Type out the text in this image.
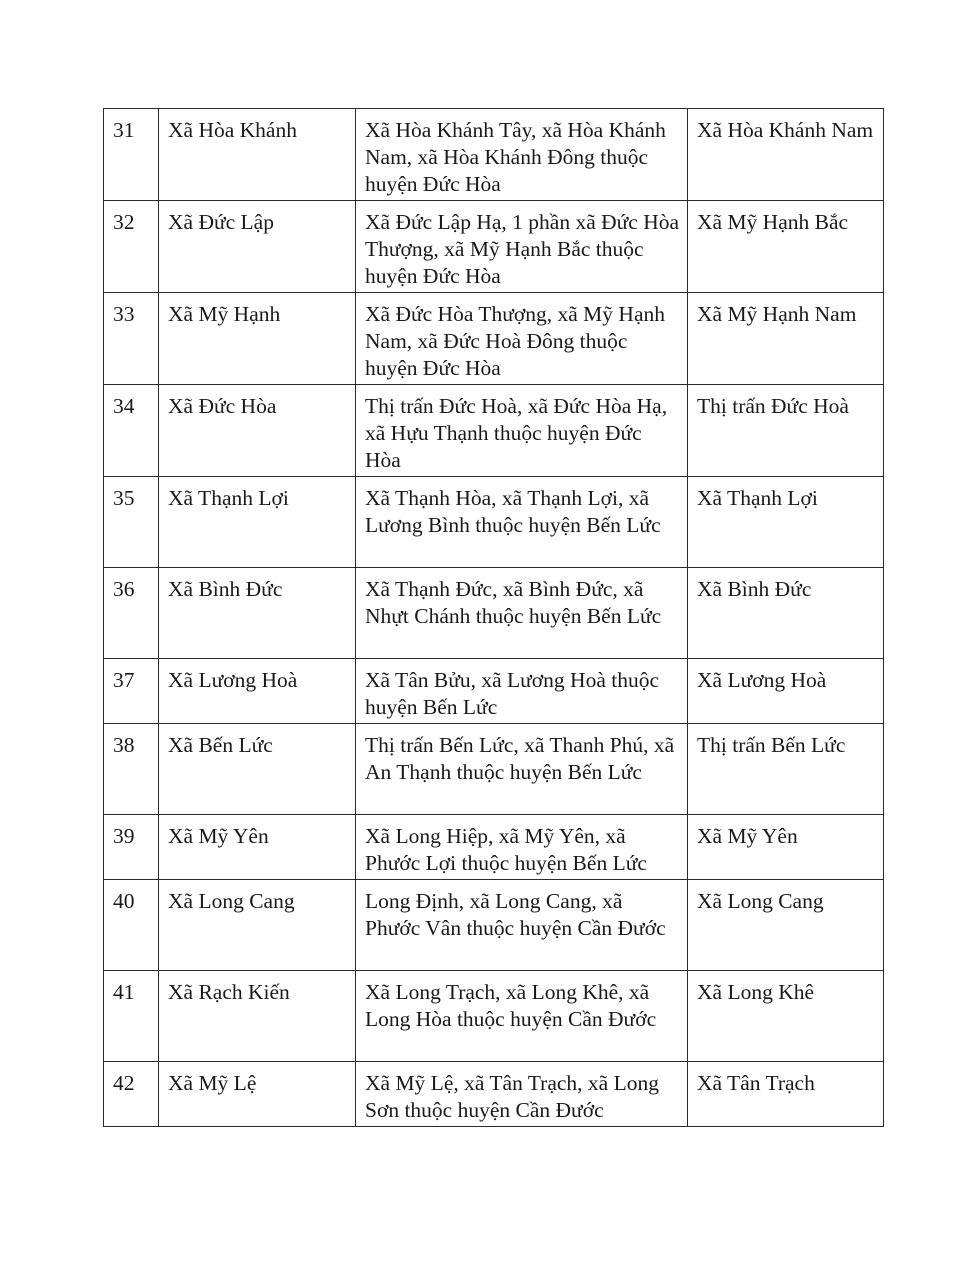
31	Xã Hòa Khánh	Xã Hòa Khánh Tây, xã Hòa Khánh Nam, xã Hòa Khánh Đông thuộc huyện Đức Hòa	Xã Hòa Khánh Nam
32	Xã Đức Lập	Xã Đức Lập Hạ, 1 phần xã Đức Hòa Thượng, xã Mỹ Hạnh Bắc thuộc huyện Đức Hòa	Xã Mỹ Hạnh Bắc
33	Xã Mỹ Hạnh	Xã Đức Hòa Thượng, xã Mỹ Hạnh Nam, xã Đức Hoà Đông thuộc huyện Đức Hòa	Xã Mỹ Hạnh Nam
34	Xã Đức Hòa	Thị trấn Đức Hoà, xã Đức Hòa Hạ, xã Hựu Thạnh thuộc huyện Đức Hòa	Thị trấn Đức Hoà
35	Xã Thạnh Lợi	Xã Thạnh Hòa, xã Thạnh Lợi, xã Lương Bình thuộc huyện Bến Lức	Xã Thạnh Lợi
36	Xã Bình Đức	Xã Thạnh Đức, xã Bình Đức, xã Nhựt Chánh thuộc huyện Bến Lức	Xã Bình Đức
37	Xã Lương Hoà	Xã Tân Bửu, xã Lương Hoà thuộc huyện Bến Lức	Xã Lương Hoà
38	Xã Bến Lức	Thị trấn Bến Lức, xã Thanh Phú, xã An Thạnh thuộc huyện Bến Lức	Thị trấn Bến Lức
39	Xã Mỹ Yên	Xã Long Hiệp, xã Mỹ Yên, xã Phước Lợi thuộc huyện Bến Lức	Xã Mỹ Yên
40	Xã Long Cang	Long Định, xã Long Cang, xã Phước Vân thuộc huyện Cần Đước	Xã Long Cang
41	Xã Rạch Kiến	Xã Long Trạch, xã Long Khê, xã Long Hòa thuộc huyện Cần Đước	Xã Long Khê
42	Xã Mỹ Lệ	Xã Mỹ Lệ, xã Tân Trạch, xã Long Sơn thuộc huyện Cần Đước	Xã Tân Trạch
